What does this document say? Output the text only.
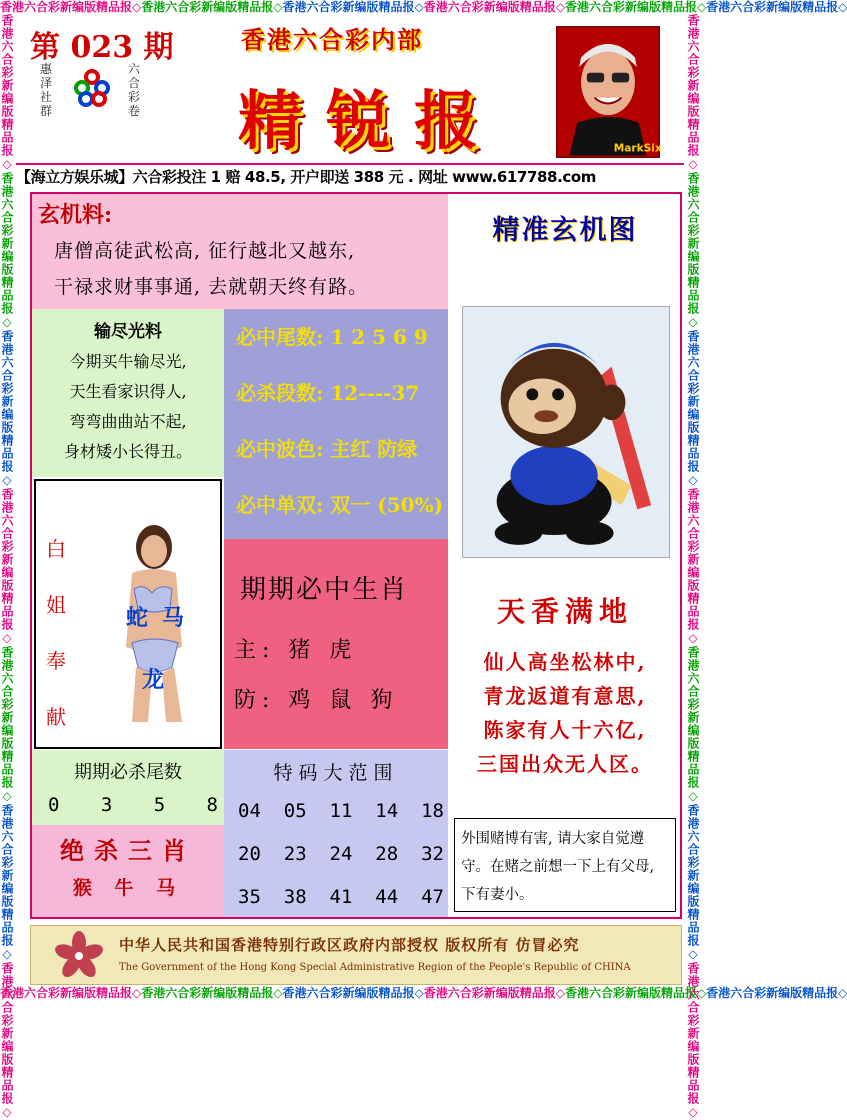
香港六合彩新编版精品报◇香港六合彩新编版精品报◇香港六合彩新编版精品报◇香港六合彩新编版精品报◇香港六合彩新编版精品报◇香港六合彩新编版精品报◇
香港六合彩新编版精品报◇香港六合彩新编版精品报◇香港六合彩新编版精品报◇香港六合彩新编版精品报◇香港六合彩新编版精品报◇香港六合彩新编版精品报◇
香港六合彩新编版精品报◇香港六合彩新编版精品报◇香港六合彩新编版精品报◇香港六合彩新编版精品报◇香港六合彩新编版精品报◇香港六合彩新编版精品报◇香港六合彩新编版精品报◇
香港六合彩新编版精品报◇香港六合彩新编版精品报◇香港六合彩新编版精品报◇香港六合彩新编版精品报◇香港六合彩新编版精品报◇香港六合彩新编版精品报◇香港六合彩新编版精品报◇
第 023 期
惠泽社群
六合彩卷
香港六合彩内部
精锐报	MarkSix
【海立方娱乐城】六合彩投注 1 赔 48.5, 开户即送 388 元 . 网址 www.617788.com
玄机料:
唐僧高徒武松高, 征行越北又越东,
干禄求财事事通, 去就朝天终有路。
输尽光料
今期买牛输尽光,
天生看家识得人,
弯弯曲曲站不起,
身材矮小长得丑。
必中尾数: 1 2 5 6 9
必杀段数: 12----37
必中波色: 主红 防绿
必中单双: 双一 (50%)
白
姐
奉
献
蛇 马
龙
期期必中生肖
主: 猪 虎
防: 鸡 鼠 狗
期期必杀尾数
0 3 5 8
绝杀三肖
猴 牛 马
特码大范围
04 05 11 14 18
20 23 24 28 32
35 38 41 44 47
精准玄机图
天香满地
仙人高坐松林中,
青龙返道有意思,
陈家有人十六亿,
三国出众无人区。
外围赌博有害, 请大家自觉遵守。在赌之前想一下上有父母, 下有妻小。
中华人民共和国香港特别行政区政府内部授权 版权所有 仿冒必究
The Government of the Hong Kong Special Administrative Region of the People's Republic of CHINA
